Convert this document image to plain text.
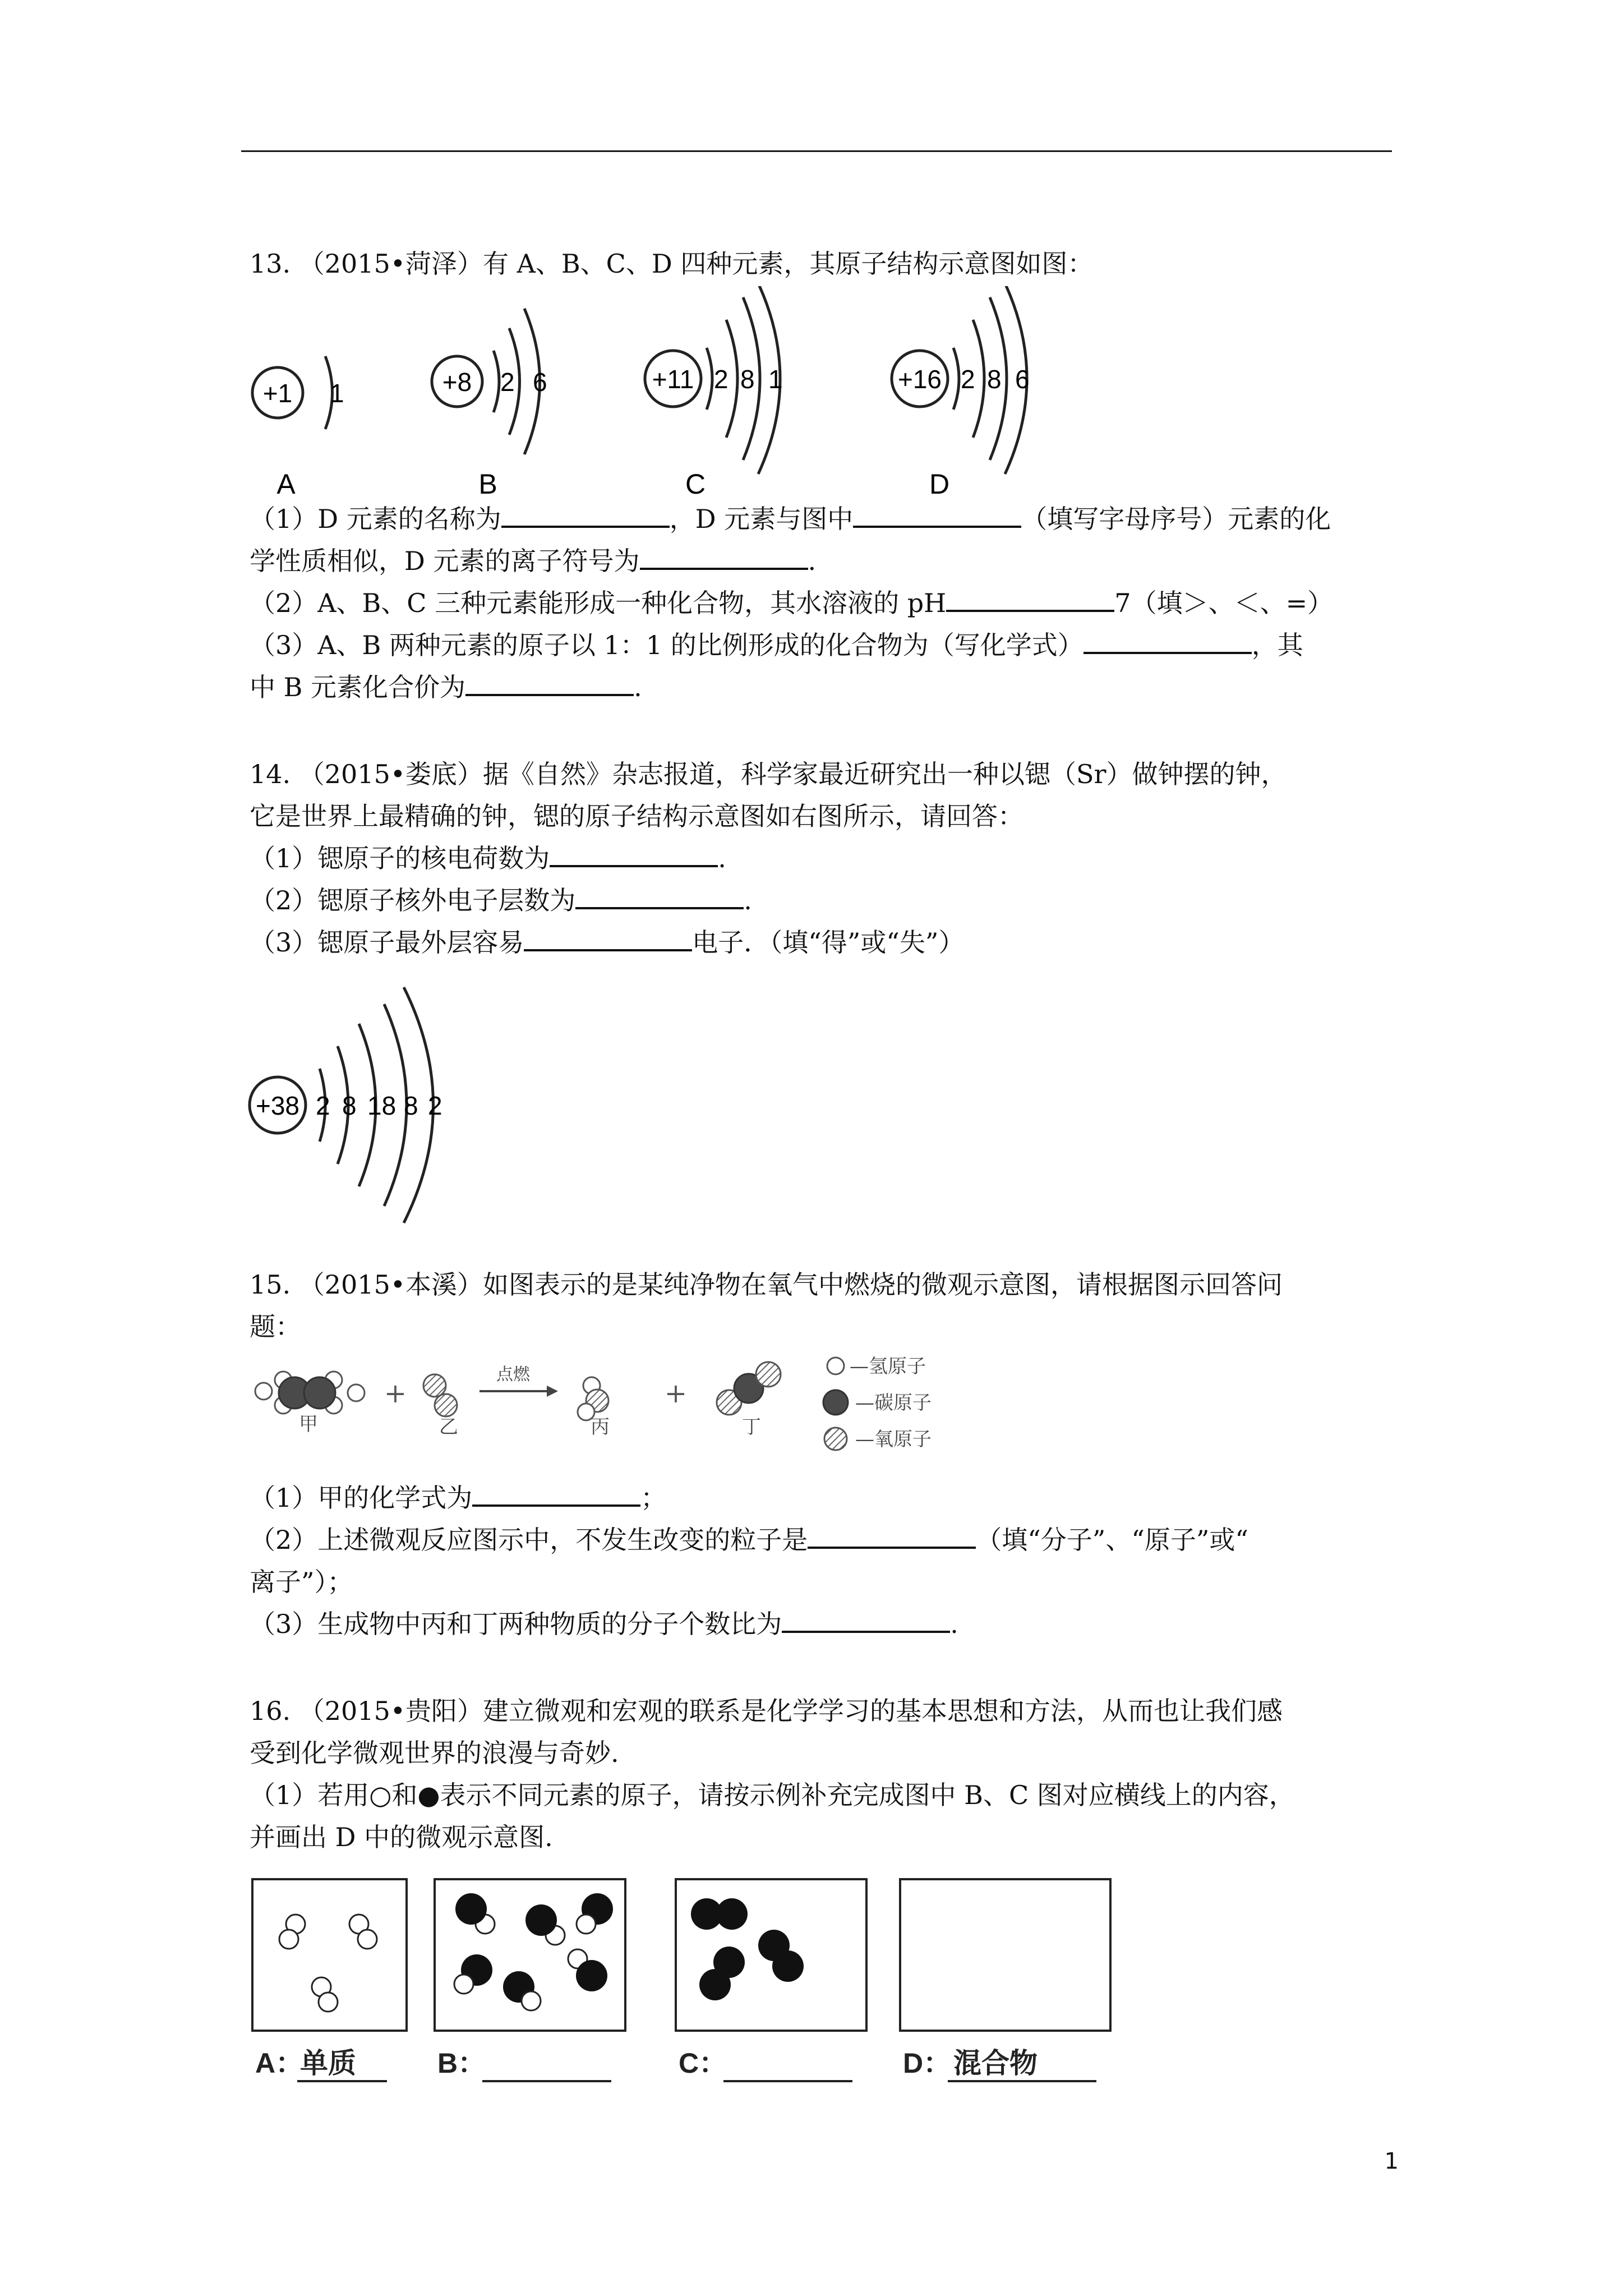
13. （2015•菏泽）有 A、B、C、D 四种元素，其原子结构示意图如图：
+1 1
A
+8 2 6
B
+11 2 8 1
C
+16 2 8 6
D
（1）D 元素的名称为	，D 元素与图中	（填写字母序号）元素的化
学性质相似，D 元素的离子符号为	.
（2）A、B、C 三种元素能形成一种化合物，其水溶液的 pH	7（填＞、＜、=）
（3）A、B 两种元素的原子以 1：1 的比例形成的化合物为（写化学式）	，其
中 B 元素化合价为	.
14. （2015•娄底）据《自然》杂志报道，科学家最近研究出一种以锶（Sr）做钟摆的钟，
它是世界上最精确的钟，锶的原子结构示意图如右图所示，请回答：
（1）锶原子的核电荷数为	.
（2）锶原子核外电子层数为	.
（3）锶原子最外层容易	电子．（填“得”或“失”）
+38 2 8 18 8 2
15. （2015•本溪）如图表示的是某纯净物在氧气中燃烧的微观示意图，请根据图示回答问
题：
甲
+
乙
点燃
丙
+
丁
—氢原子
—碳原子
—氧原子
（1）甲的化学式为	；
（2）上述微观反应图示中，不发生改变的粒子是	（填“分子”、“原子”或“
离子”）；
（3）生成物中丙和丁两种物质的分子个数比为	.
16. （2015•贵阳）建立微观和宏观的联系是化学学习的基本思想和方法，从而也让我们感
受到化学微观世界的浪漫与奇妙.
（1）若用○和●表示不同元素的原子，请按示例补充完成图中 B、C 图对应横线上的内容，
并画出 D 中的微观示意图.
A：
单质	B：	C：	D： 混合物
1
